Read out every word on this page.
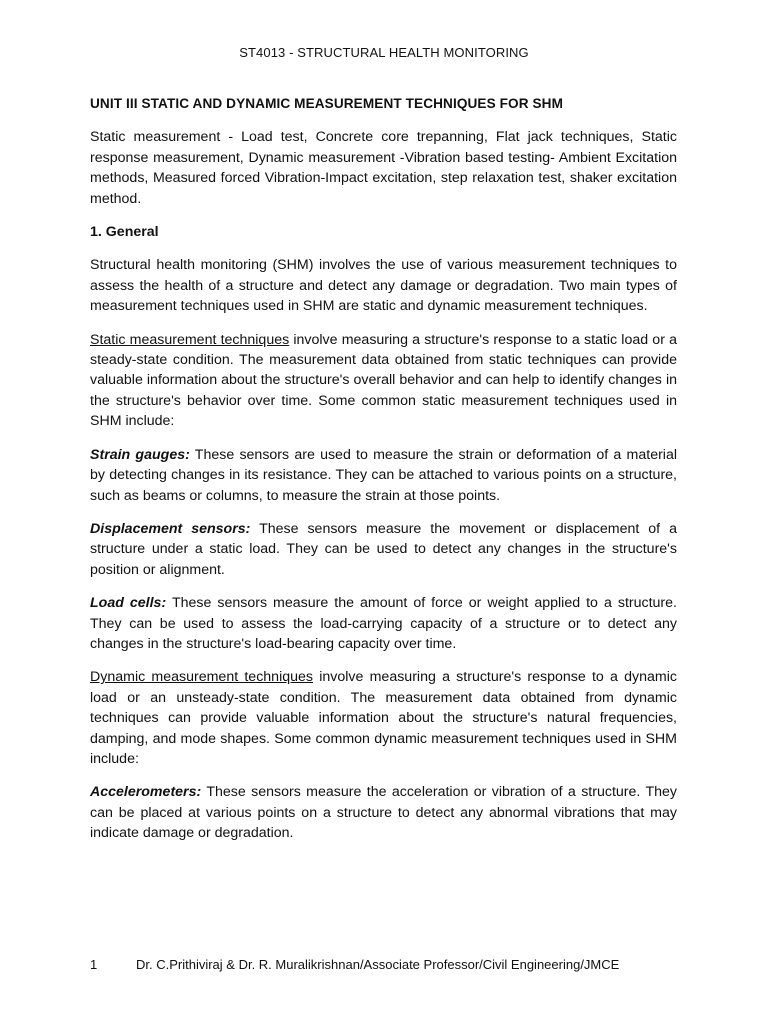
ST4013 - STRUCTURAL HEALTH MONITORING

UNIT III STATIC AND DYNAMIC MEASUREMENT TECHNIQUES FOR SHM

Static measurement - Load test, Concrete core trepanning, Flat jack techniques, Static response measurement, Dynamic measurement -Vibration based testing- Ambient Excitation methods, Measured forced Vibration-Impact excitation, step relaxation test, shaker excitation method.

1. General

Structural health monitoring (SHM) involves the use of various measurement techniques to assess the health of a structure and detect any damage or degradation. Two main types of measurement techniques used in SHM are static and dynamic measurement techniques.

Static measurement techniques involve measuring a structure's response to a static load or a steady-state condition. The measurement data obtained from static techniques can provide valuable information about the structure's overall behavior and can help to identify changes in the structure's behavior over time. Some common static measurement techniques used in SHM include:

Strain gauges: These sensors are used to measure the strain or deformation of a material by detecting changes in its resistance. They can be attached to various points on a structure, such as beams or columns, to measure the strain at those points.

Displacement sensors: These sensors measure the movement or displacement of a structure under a static load. They can be used to detect any changes in the structure's position or alignment.

Load cells: These sensors measure the amount of force or weight applied to a structure. They can be used to assess the load-carrying capacity of a structure or to detect any changes in the structure's load-bearing capacity over time.

Dynamic measurement techniques involve measuring a structure's response to a dynamic load or an unsteady-state condition. The measurement data obtained from dynamic techniques can provide valuable information about the structure's natural frequencies, damping, and mode shapes. Some common dynamic measurement techniques used in SHM include:

Accelerometers: These sensors measure the acceleration or vibration of a structure. They can be placed at various points on a structure to detect any abnormal vibrations that may indicate damage or degradation.

1	Dr. C.Prithiviraj & Dr. R. Muralikrishnan/Associate Professor/Civil Engineering/JMCE
